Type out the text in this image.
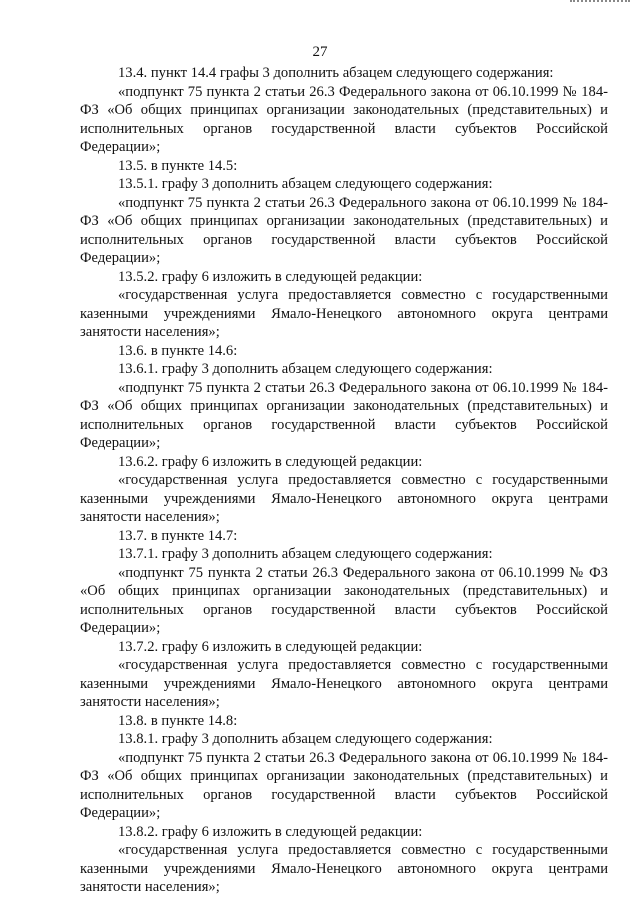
27

13.4. пункт 14.4 графы 3 дополнить абзацем следующего содержания:

«подпункт 75 пункта 2 статьи 26.3 Федерального закона от 06.10.1999 № 184-ФЗ «Об общих принципах организации законодательных (представительных) и исполнительных органов государственной власти субъектов Российской Федерации»;

13.5. в пункте 14.5:

13.5.1. графу 3 дополнить абзацем следующего содержания:

«подпункт 75 пункта 2 статьи 26.3 Федерального закона от 06.10.1999 № 184-ФЗ «Об общих принципах организации законодательных (представительных) и исполнительных органов государственной власти субъектов Российской Федерации»;

13.5.2. графу 6 изложить в следующей редакции:

«государственная услуга предоставляется совместно с государственными казенными учреждениями Ямало-Ненецкого автономного округа центрами занятости населения»;

13.6. в пункте 14.6:

13.6.1. графу 3 дополнить абзацем следующего содержания:

«подпункт 75 пункта 2 статьи 26.3 Федерального закона от 06.10.1999 № 184-ФЗ «Об общих принципах организации законодательных (представительных) и исполнительных органов государственной власти субъектов Российской Федерации»;

13.6.2. графу 6 изложить в следующей редакции:

«государственная услуга предоставляется совместно с государственными казенными учреждениями Ямало-Ненецкого автономного округа центрами занятости населения»;

13.7. в пункте 14.7:

13.7.1. графу 3 дополнить абзацем следующего содержания:

«подпункт 75 пункта 2 статьи 26.3 Федерального закона от 06.10.1999 № ФЗ «Об общих принципах организации законодательных (представительных) и исполнительных органов государственной власти субъектов Российской Федерации»;

13.7.2. графу 6 изложить в следующей редакции:

«государственная услуга предоставляется совместно с государственными казенными учреждениями Ямало-Ненецкого автономного округа центрами занятости населения»;

13.8. в пункте 14.8:

13.8.1. графу 3 дополнить абзацем следующего содержания:

«подпункт 75 пункта 2 статьи 26.3 Федерального закона от 06.10.1999 № 184-ФЗ «Об общих принципах организации законодательных (представительных) и исполнительных органов государственной власти субъектов Российской Федерации»;

13.8.2. графу 6 изложить в следующей редакции:

«государственная услуга предоставляется совместно с государственными казенными учреждениями Ямало-Ненецкого автономного округа центрами занятости населения»;
